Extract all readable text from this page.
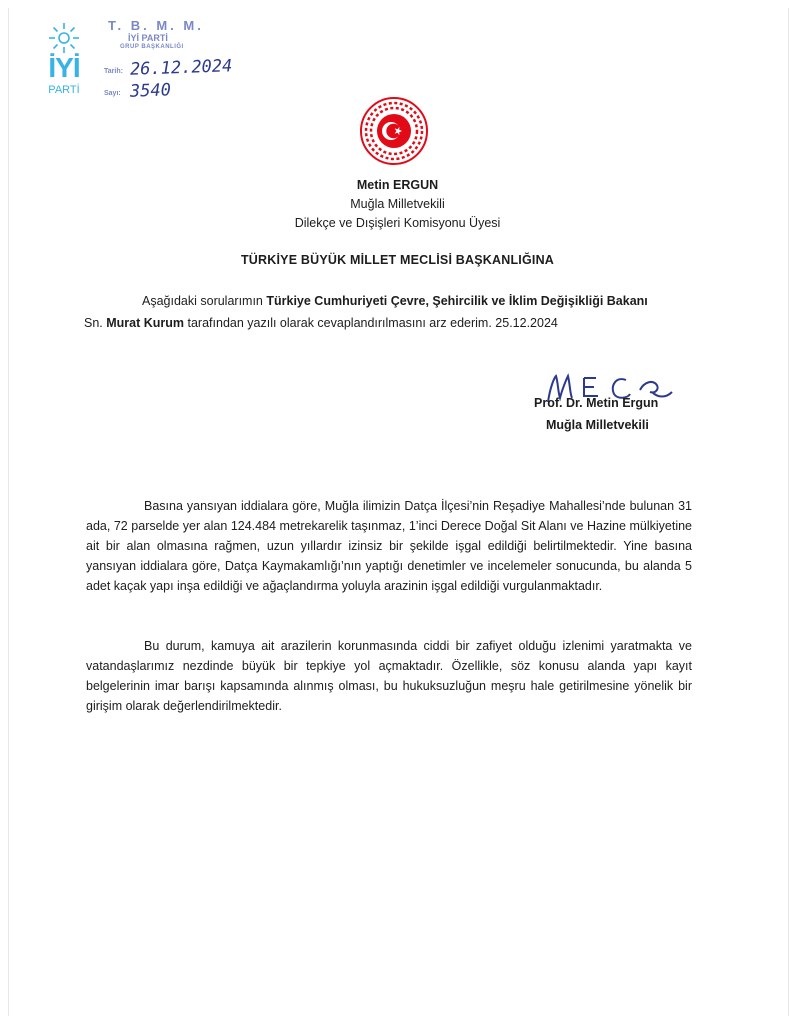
İYİ
PARTİ
T. B. M. M.
İYİ PARTİ
GRUP BAŞKANLIĞI
Tarih: 26.12.2024
Sayı: 3540
Metin ERGUN
Muğla Milletvekili
Dilekçe ve Dışişleri Komisyonu Üyesi
TÜRKİYE BÜYÜK MİLLET MECLİSİ BAŞKANLIĞINA
Aşağıdaki sorularımın Türkiye Cumhuriyeti Çevre, Şehircilik ve İklim Değişikliği Bakanı
Sn. Murat Kurum tarafından yazılı olarak cevaplandırılmasını arz ederim. 25.12.2024
Prof. Dr. Metin Ergun
Muğla Milletvekili
Basına yansıyan iddialara göre, Muğla ilimizin Datça İlçesi’nin Reşadiye Mahallesi’nde bulunan 31 ada, 72 parselde yer alan 124.484 metrekarelik taşınmaz, 1’inci Derece Doğal Sit Alanı ve Hazine mülkiyetine ait bir alan olmasına rağmen, uzun yıllardır izinsiz bir şekilde işgal edildiği belirtilmektedir. Yine basına yansıyan iddialara göre, Datça Kaymakamlığı’nın yaptığı denetimler ve incelemeler sonucunda, bu alanda 5 adet kaçak yapı inşa edildiği ve ağaçlandırma yoluyla arazinin işgal edildiği vurgulanmaktadır.
Bu durum, kamuya ait arazilerin korunmasında ciddi bir zafiyet olduğu izlenimi yaratmakta ve vatandaşlarımız nezdinde büyük bir tepkiye yol açmaktadır. Özellikle, söz konusu alanda yapı kayıt belgelerinin imar barışı kapsamında alınmış olması, bu hukuksuzluğun meşru hale getirilmesine yönelik bir girişim olarak değerlendirilmektedir.
